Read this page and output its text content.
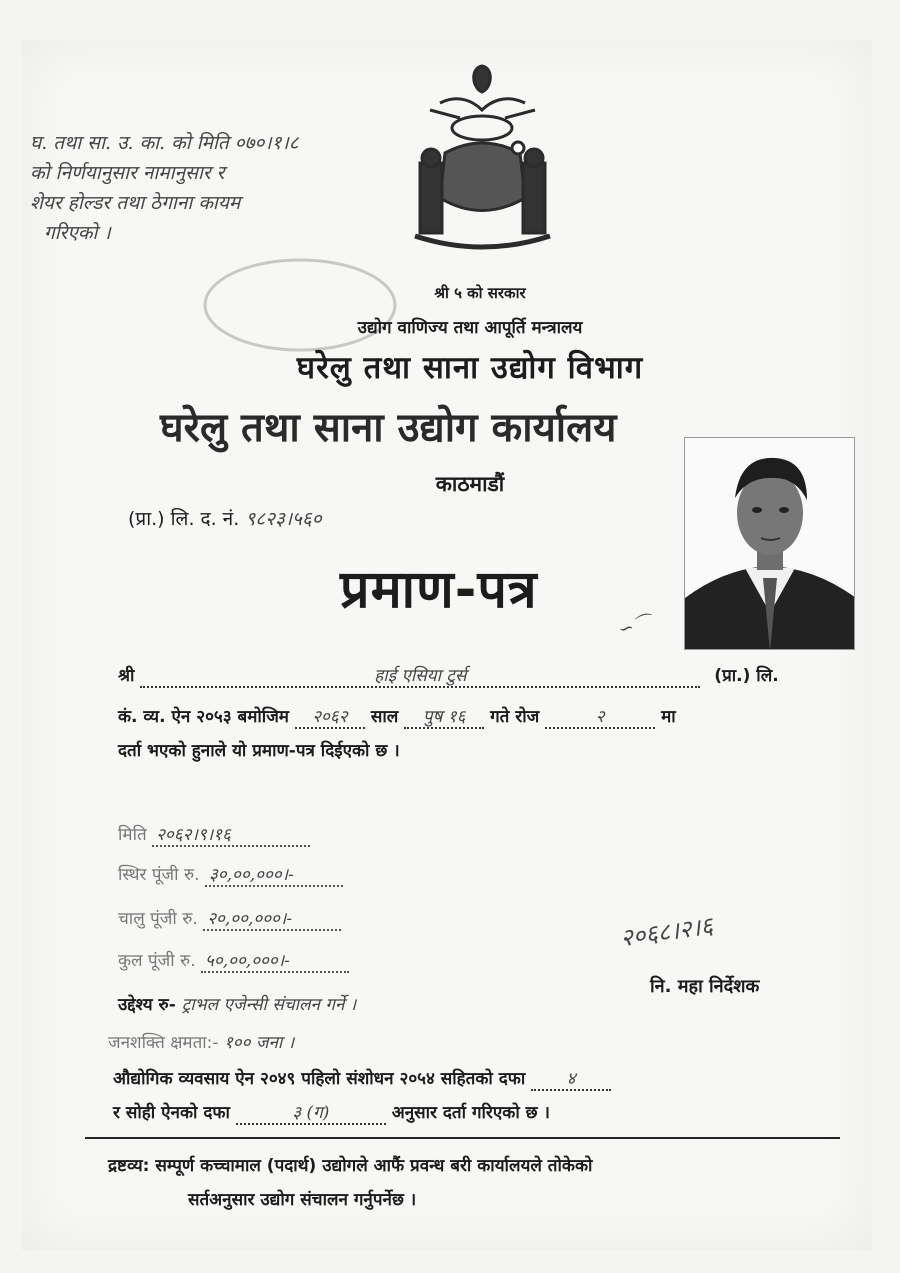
घ. तथा सा. उ. का. को मिति ०७०।१।८
को निर्णयानुसार नामानुसार र
शेयर होल्डर तथा ठेगाना कायम
गरिएको ।
श्री ५ को सरकार
उद्योग वाणिज्य तथा आपूर्ति मन्त्रालय
घरेलु तथा साना उद्योग विभाग
घरेलु तथा साना उद्योग कार्यालय
काठमाडौं
(प्रा.) लि. द. नं. ९८२३।५६०
प्रमाण-पत्र
∽⌒
श्री	हाई एसिया टुर्स	(प्रा.) लि.
कं. व्य. ऐन २०५३ बमोजिम २०६२ साल पुष १६ गते रोज	२	मा
दर्ता भएको हुनाले यो प्रमाण-पत्र दिईएको छ ।
मिति २०६२।९।१६
स्थिर पूंजी रु. ३०,००,०००।-
चालु पूंजी रु. २०,००,०००।-
कुल पूंजी रु. ५०,००,०००।-
उद्देश्य रु- ट्राभल एजेन्सी संचालन गर्ने ।
जनशक्ति क्षमता:- १०० जना ।
२०६८।२।६
नि. महा निर्देशक
औद्योगिक व्यवसाय ऐन २०४९ पहिलो संशोधन २०५४ सहितको दफा ४
र सोही ऐनको दफा	३ (ग)	अनुसार दर्ता गरिएको छ ।
द्रष्टव्य: सम्पूर्ण कच्चामाल (पदार्थ) उद्योगले आफैं प्रवन्ध बरी कार्यालयले तोकेको
सर्तअनुसार उद्योग संचालन गर्नुपर्नेछ ।
